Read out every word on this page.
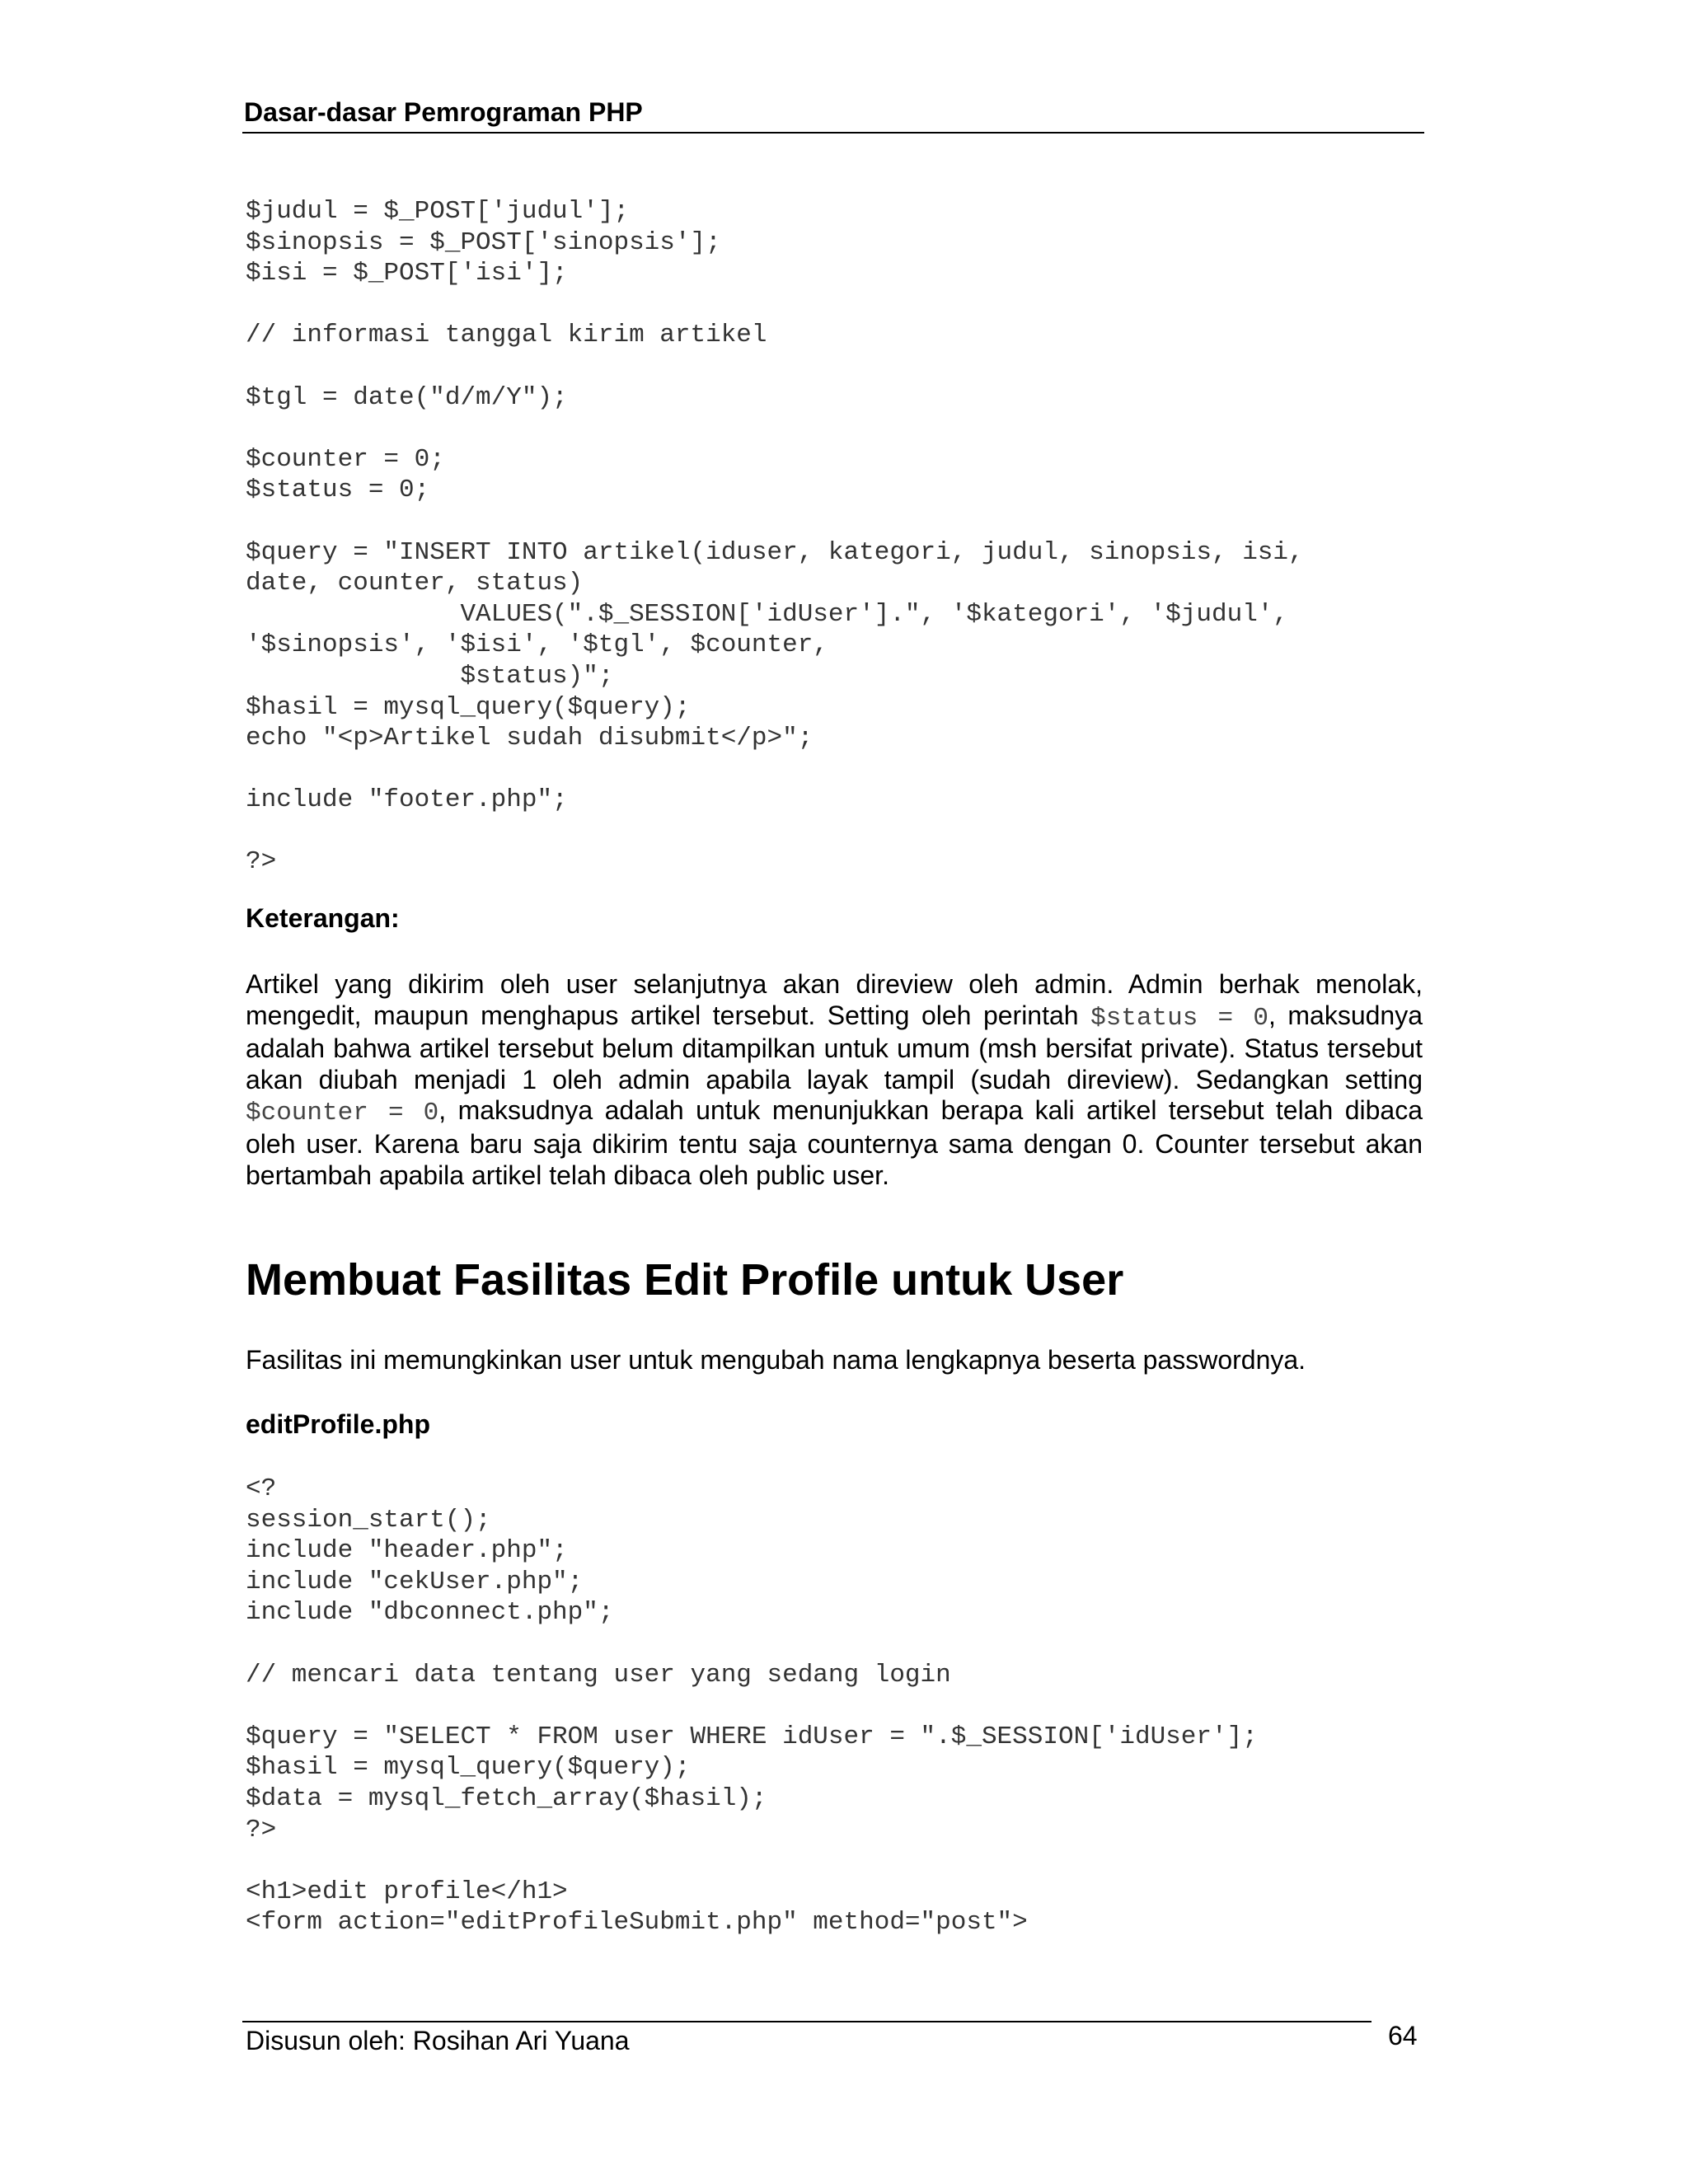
Dasar-dasar Pemrograman PHP
$judul = $_POST['judul'];
$sinopsis = $_POST['sinopsis'];
$isi = $_POST['isi'];

// informasi tanggal kirim artikel

$tgl = date("d/m/Y");

$counter = 0;
$status = 0;

$query = "INSERT INTO artikel(iduser, kategori, judul, sinopsis, isi,
date, counter, status)
VALUES(".$_SESSION['idUser'].", '$kategori', '$judul',
'$sinopsis', '$isi', '$tgl', $counter,
$status)";
$hasil = mysql_query($query);
echo "<p>Artikel sudah disubmit</p>";

include "footer.php";

?>
Keterangan:

Artikel yang dikirim oleh user selanjutnya akan direview oleh admin. Admin berhak menolak, mengedit, maupun menghapus artikel tersebut. Setting oleh perintah $status = 0, maksudnya adalah bahwa artikel tersebut belum ditampilkan untuk umum (msh bersifat private). Status tersebut akan diubah menjadi 1 oleh admin apabila layak tampil (sudah direview). Sedangkan setting $counter = 0, maksudnya adalah untuk menunjukkan berapa kali artikel tersebut telah dibaca oleh user. Karena baru saja dikirim tentu saja counternya sama dengan 0. Counter tersebut akan bertambah apabila artikel telah dibaca oleh public user.

Membuat Fasilitas Edit Profile untuk User

Fasilitas ini memungkinkan user untuk mengubah nama lengkapnya beserta passwordnya.

editProfile.php
<?
session_start();
include "header.php";
include "cekUser.php";
include "dbconnect.php";

// mencari data tentang user yang sedang login

$query = "SELECT * FROM user WHERE idUser = ".$_SESSION['idUser'];
$hasil = mysql_query($query);
$data = mysql_fetch_array($hasil);
?>

<h1>edit profile</h1>
<form action="editProfileSubmit.php" method="post">
Disusun oleh: Rosihan Ari Yuana	64
